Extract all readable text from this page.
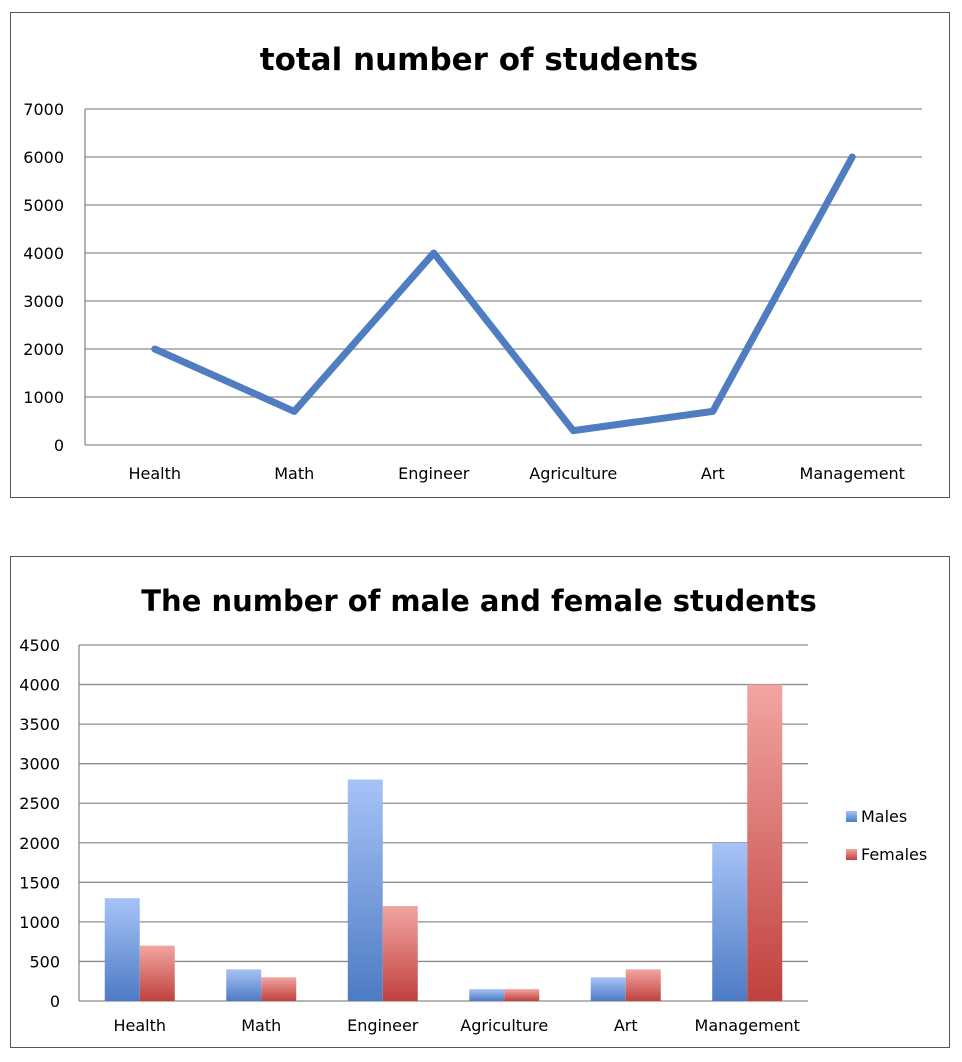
total number of students
0
1000
2000
3000
4000
5000
6000
7000
Health	Math	Engineer	Agriculture	Art	Management
The number of male and female students
0
500
1000
1500
2000
2500
3000
3500
4000
4500
Health	Math	Engineer	Agriculture	Art	Management
Males
Females
